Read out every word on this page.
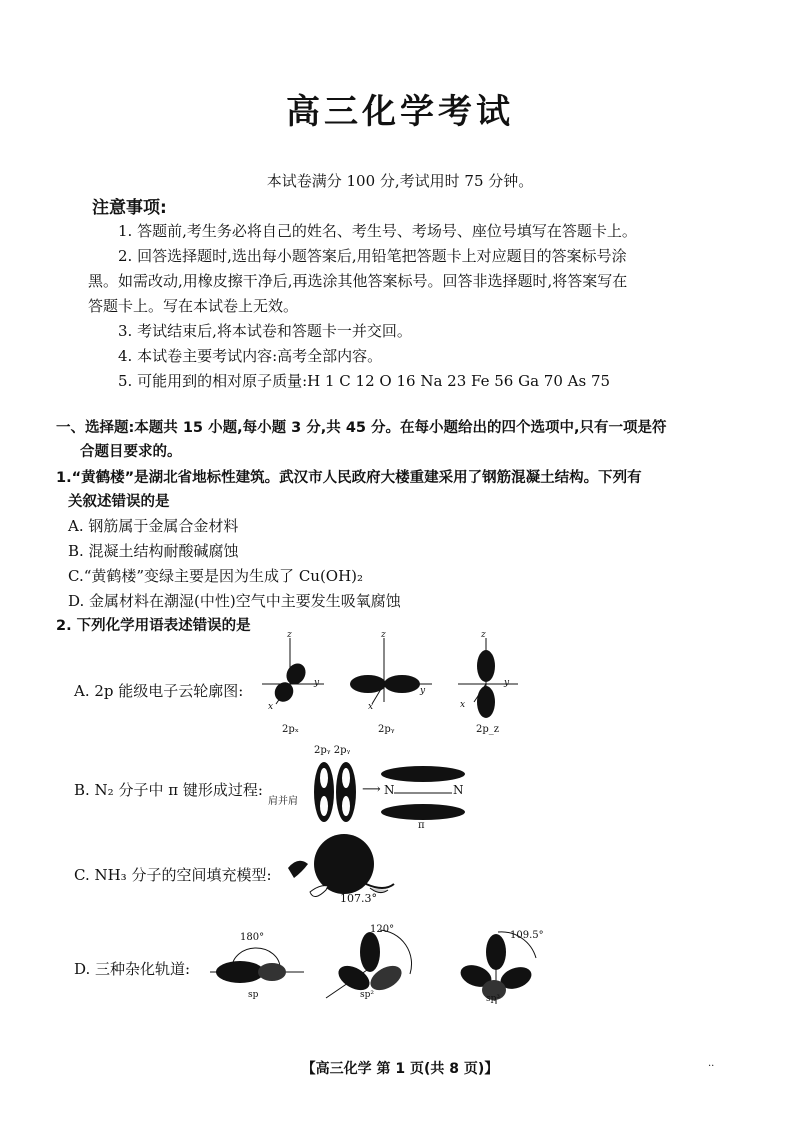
高三化学考试
本试卷满分 100 分,考试用时 75 分钟。
注意事项:
1. 答题前,考生务必将自己的姓名、考生号、考场号、座位号填写在答题卡上。
2. 回答选择题时,选出每小题答案后,用铅笔把答题卡上对应题目的答案标号涂
黑。如需改动,用橡皮擦干净后,再选涂其他答案标号。回答非选择题时,将答案写在
答题卡上。写在本试卷上无效。
3. 考试结束后,将本试卷和答题卡一并交回。
4. 本试卷主要考试内容:高考全部内容。
5. 可能用到的相对原子质量:H 1 C 12 O 16 Na 23 Fe 56 Ga 70 As 75
一、选择题:本题共 15 小题,每小题 3 分,共 45 分。在每小题给出的四个选项中,只有一项是符
合题目要求的。
1.“黄鹤楼”是湖北省地标性建筑。武汉市人民政府大楼重建采用了钢筋混凝土结构。下列有
关叙述错误的是
A. 钢筋属于金属合金材料
B. 混凝土结构耐酸碱腐蚀
C.“黄鹤楼”变绿主要是因为生成了 Cu(OH)₂
D. 金属材料在潮湿(中性)空气中主要发生吸氧腐蚀
2. 下列化学用语表述错误的是
A. 2p 能级电子云轮廓图:
z
y
x
2pₓ
z
y
x
2pᵧ
z
y
x
2p_z
B. N₂ 分子中 π 键形成过程:
肩并肩
2pᵧ 2pᵧ
⟶ N	N
π
C. NH₃ 分子的空间填充模型:
107.3°
D. 三种杂化轨道:
180°
sp
120°
sp²
109.5°
sp³
【高三化学 第 1 页(共 8 页)】	..
